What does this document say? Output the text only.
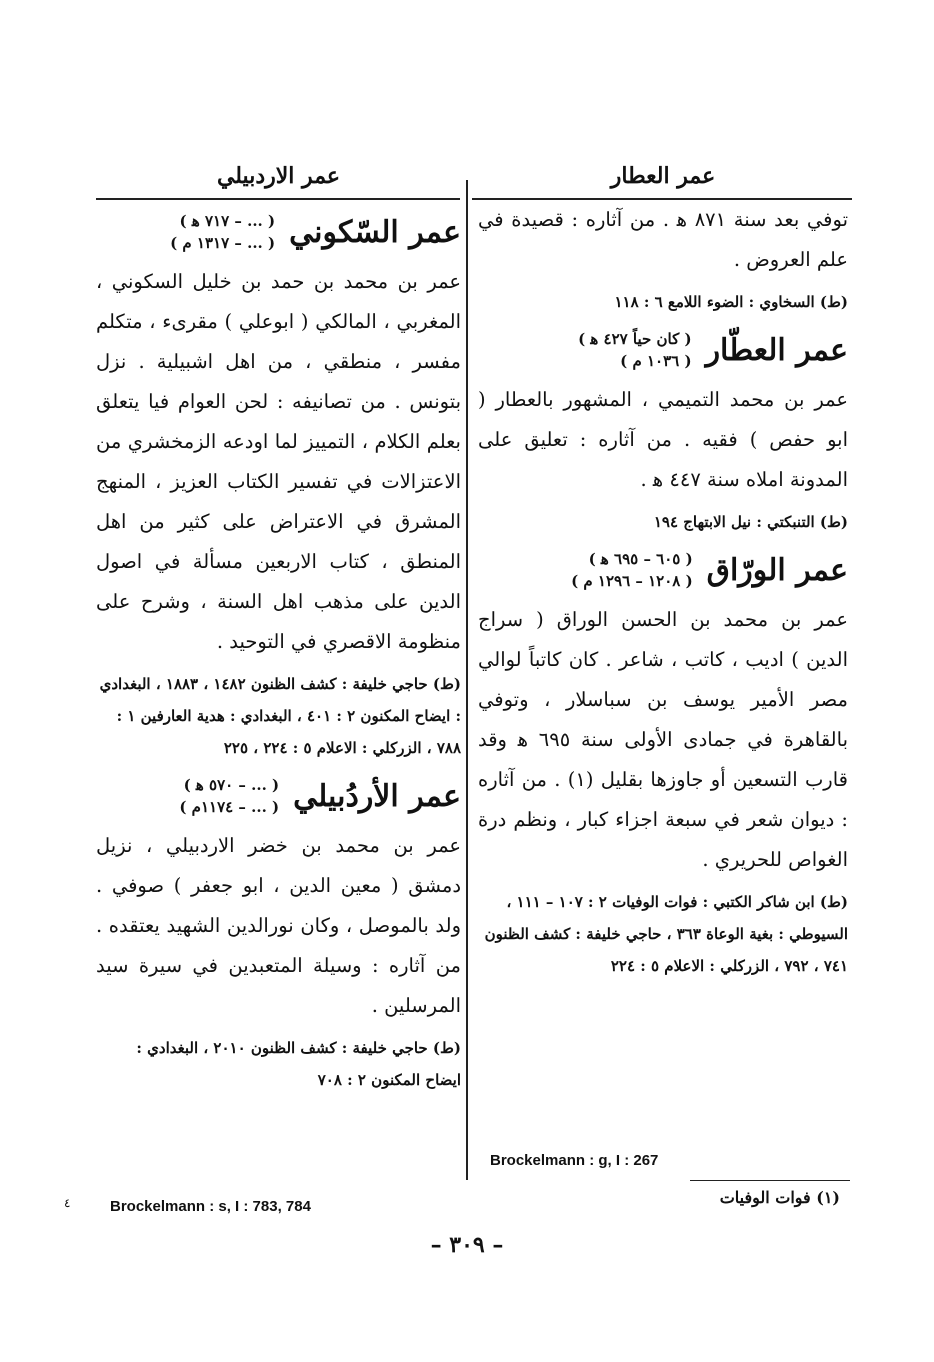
عمر العطار

توفي بعد سنة ٨٧١ ﻫ . من آثاره : قصيدة في علم العروض .

(ط) السخاوي : الضوء اللامع ٦ : ١١٨
عمر العطّار
( كان حياً ٤٢٧ ﻫ )
( ١٠٣٦ م )

عمر بن محمد التميمي ، المشهور بالعطار ( ابو حفص ) فقيه . من آثاره : تعليق على المدونة املاه سنة ٤٤٧ ﻫ .

(ط) التنبكتي : نيل الابتهاج ١٩٤
عمر الورّاق
( ٦٠٥ – ٦٩٥ ﻫ )
( ١٢٠٨ – ١٢٩٦ م )

عمر بن محمد بن الحسن الوراق ( سراج الدين ) اديب ، كاتب ، شاعر . كان كاتباً لوالي مصر الأمير يوسف بن سباسلار ، وتوفي بالقاهرة في جمادى الأولى سنة ٦٩٥ ﻫ وقد قارب التسعين أو جاوزها بقليل (١) . من آثاره : ديوان شعر في سبعة اجزاء كبار ، ونظم درة الغواص للحريري .

(ط) ابن شاكر الكتبي : فوات الوفيات ٢ : ١٠٧ – ١١١ ، السيوطي : بغية الوعاة ٣٦٣ ، حاجي خليفة : كشف الظنون ٧٤١ ، ٧٩٢ ، الزركلي : الاعلام ٥ : ٢٢٤
عمر الاردبيلي
عمر السّكوني
( ... – ٧١٧ ﻫ )
( ... – ١٣١٧ م )

عمر بن محمد بن حمد بن خليل السكوني ، المغربي ، المالكي ( ابوعلي ) مقرىء ، متكلم مفسر ، منطقي ، من اهل اشبيلية . نزل بتونس . من تصانيفه : لحن العوام فيا يتعلق بعلم الكلام ، التمييز لما اودعه الزمخشري من الاعتزالات في تفسير الكتاب العزيز ، المنهج المشرق في الاعتراض على كثير من اهل المنطق ، كتاب الاربعين مسألة في اصول الدين على مذهب اهل السنة ، وشرح على منظومة الاقصري في التوحيد .

(ط) حاجي خليفة : كشف الظنون ١٤٨٢ ، ١٨٨٣ ، البغدادي : ايضاح المكنون ٢ : ٤٠١ ، البغدادي : هدية العارفين ١ : ٧٨٨ ، الزركلي : الاعلام ٥ : ٢٢٤ ، ٢٢٥
عمر الأردُبيلي
( ... – ٥٧٠ ﻫ )
( ... – ١١٧٤م )

عمر بن محمد بن خضر الاردبيلي ، نزيل دمشق ( معين الدين ، ابو جعفر ) صوفي . ولد بالموصل ، وكان نورالدين الشهيد يعتقده . من آثاره : وسيلة المتعبدين في سيرة سيد المرسلين .

(ط) حاجي خليفة : كشف الظنون ٢٠١٠ ، البغدادي : ايضاح المكنون ٢ : ٧٠٨
Brockelmann : g, I : 267
Brockelmann : s, I : 783, 784
٤	(١) فوات الوفيات
– ٣٠٩ –
